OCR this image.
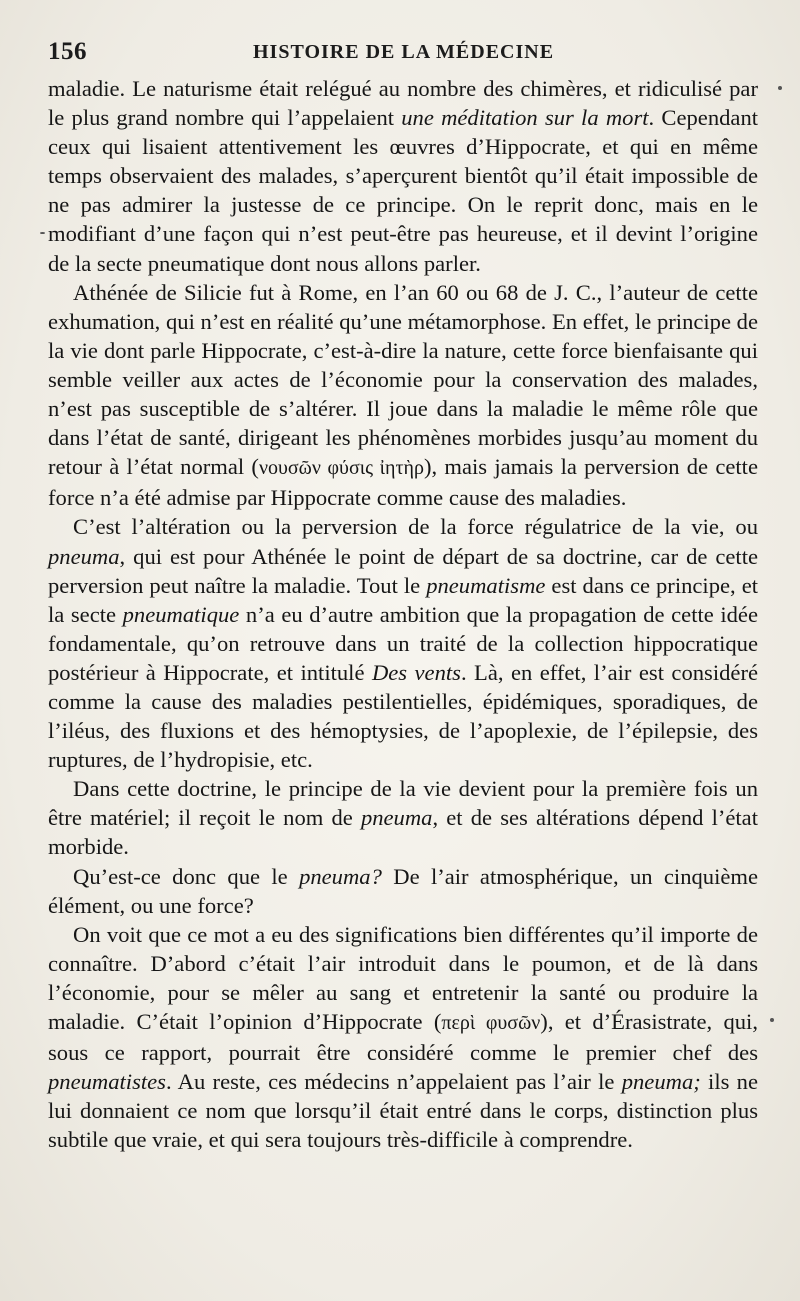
156	HISTOIRE DE LA MÉDECINE

maladie. Le naturisme était relégué au nombre des chimères, et ridiculisé par le plus grand nombre qui l’appelaient une méditation sur la mort. Cependant ceux qui lisaient attentivement les œuvres d’Hippocrate, et qui en même temps observaient des malades, s’aperçurent bientôt qu’il était impossible de ne pas admirer la justesse de ce principe. On le reprit donc, mais en le modifiant d’une façon qui n’est peut-être pas heureuse, et il devint l’origine de la secte pneumatique dont nous allons parler.

Athénée de Silicie fut à Rome, en l’an 60 ou 68 de J. C., l’auteur de cette exhumation, qui n’est en réalité qu’une métamorphose. En effet, le principe de la vie dont parle Hippocrate, c’est-à-dire la nature, cette force bienfaisante qui semble veiller aux actes de l’économie pour la conservation des malades, n’est pas susceptible de s’altérer. Il joue dans la maladie le même rôle que dans l’état de santé, dirigeant les phénomènes morbides jusqu’au moment du retour à l’état normal (νουσῶν φύσις ἰητὴρ), mais jamais la perversion de cette force n’a été admise par Hippocrate comme cause des maladies.

C’est l’altération ou la perversion de la force régulatrice de la vie, ou pneuma, qui est pour Athénée le point de départ de sa doctrine, car de cette perversion peut naître la maladie. Tout le pneumatisme est dans ce principe, et la secte pneumatique n’a eu d’autre ambition que la propagation de cette idée fondamentale, qu’on retrouve dans un traité de la collection hippocratique postérieur à Hippocrate, et intitulé Des vents. Là, en effet, l’air est considéré comme la cause des maladies pestilentielles, épidémiques, sporadiques, de l’iléus, des fluxions et des hémoptysies, de l’apoplexie, de l’épilepsie, des ruptures, de l’hydropisie, etc.

Dans cette doctrine, le principe de la vie devient pour la première fois un être matériel; il reçoit le nom de pneuma, et de ses altérations dépend l’état morbide.

Qu’est-ce donc que le pneuma? De l’air atmosphérique, un cinquième élément, ou une force?

On voit que ce mot a eu des significations bien différentes qu’il importe de connaître. D’abord c’était l’air introduit dans le poumon, et de là dans l’économie, pour se mêler au sang et entretenir la santé ou produire la maladie. C’était l’opinion d’Hippocrate (περὶ φυσῶν), et d’Érasistrate, qui, sous ce rapport, pourrait être considéré comme le premier chef des pneumatistes. Au reste, ces médecins n’appelaient pas l’air le pneuma; ils ne lui donnaient ce nom que lorsqu’il était entré dans le corps, distinction plus subtile que vraie, et qui sera toujours très-difficile à comprendre.
